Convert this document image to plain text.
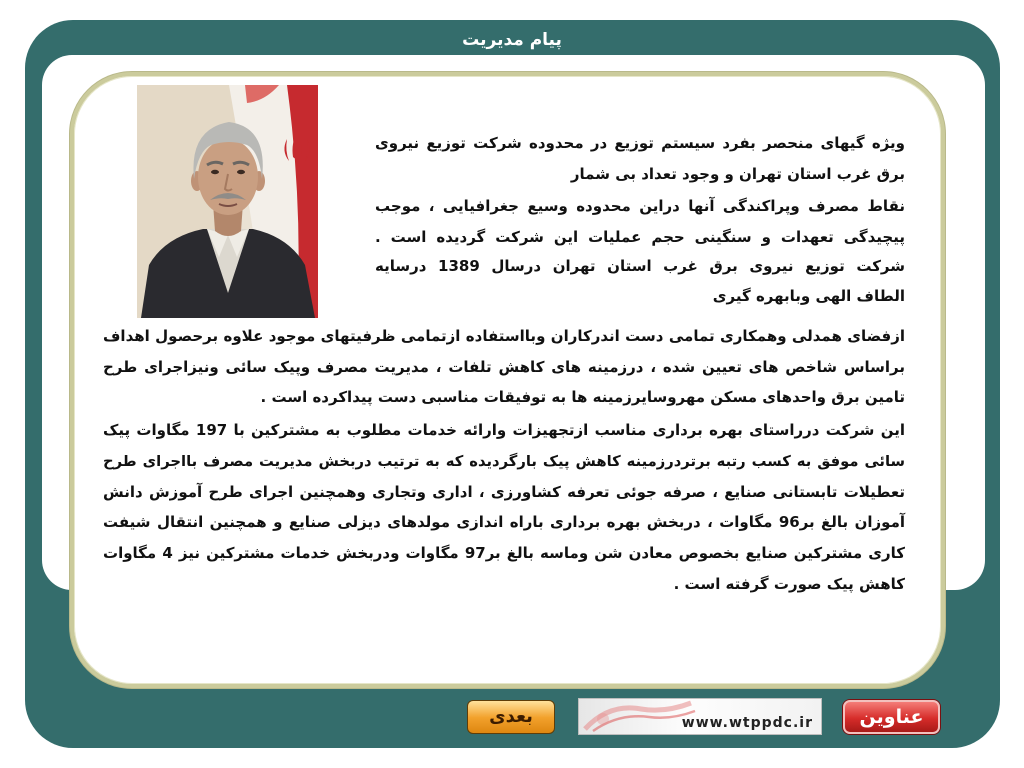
پیام مدیریت
ویژه گیهای منحصر بفرد سیستم توزیع در محدوده شرکت توزیع نیروی
برق غرب استان تهران و وجود تعداد بی شمار
نقاط مصرف وپراکندگی آنها دراین محدوده وسیع جغرافیایی ، موجب
پیچیدگی تعهدات و سنگینی حجم عملیات این شرکت گردیده است .
شرکت توزیع نیروی برق غرب استان تهران درسال 1389 درسایه
الطاف الهی وبابهره گیری
ازفضای همدلی وهمکاری تمامی دست اندرکاران وبااستفاده ازتمامی ظرفیتهای موجود علاوه برحصول اهداف
براساس شاخص های تعیین شده ، درزمینه های کاهش تلفات ، مدیریت مصرف وپیک سائی ونیزاجرای طرح
تامین برق واحدهای مسکن مهروسایرزمینه ها به توفیقات مناسبی دست پیداکرده است .
این شرکت درراستای بهره برداری مناسب ازتجهیزات وارائه خدمات مطلوب به مشترکین با 197 مگاوات پیک
سائی موفق به کسب رتبه برتردرزمینه کاهش پیک بارگردیده که به ترتیب دربخش مدیریت مصرف بااجرای طرح
تعطیلات تابستانی صنایع ، صرفه جوئی تعرفه کشاورزی ، اداری وتجاری وهمچنین اجرای طرح آموزش دانش
آموزان بالغ بر96 مگاوات ، دربخش بهره برداری باراه اندازی مولدهای دیزلی صنایع و همچنین انتقال شیفت
کاری مشترکین صنایع بخصوص معادن شن وماسه بالغ بر97 مگاوات ودربخش خدمات مشترکین نیز 4 مگاوات
کاهش پیک صورت گرفته است .
عناوین
www.wtppdc.ir
بعدی
